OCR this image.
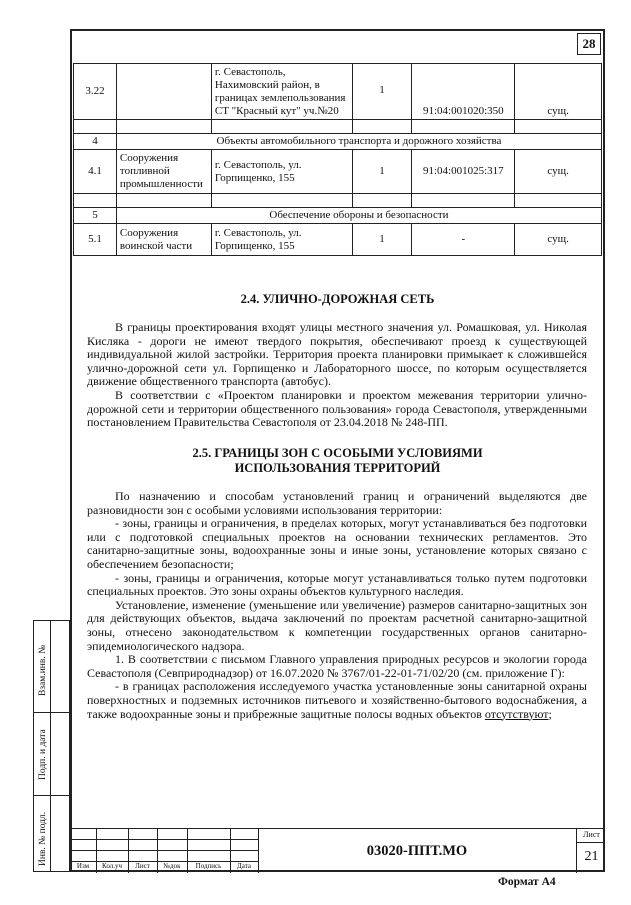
28
Взам.инв. №
Подп. и дата
Инв. № подл.
3.22		г. Севастополь, Нахимовский район, в границах землепользования СТ "Красный кут" уч.№20	1	91:04:001020:350	сущ.

4	Объекты автомобильного транспорта и дорожного хозяйства				
4.1	Сооружения топливной промышленности	г. Севастополь, ул. Горпищенко, 155	1	91:04:001025:317	сущ.

5	Обеспечение обороны и безопасности				
5.1	Сооружения воинской части	г. Севастополь, ул. Горпищенко, 155	1	-	сущ.
2.4. УЛИЧНО-ДОРОЖНАЯ СЕТЬ

В границы проектирования входят улицы местного значения ул. Ромашковая, ул. Николая Кисляка - дороги не имеют твердого покрытия, обеспечивают проезд к существующей индивидуальной жилой застройки. Территория проекта планировки примыкает к сложившейся улично-дорожной сети ул. Горпищенко и Лабораторного шоссе, по которым осуществляется движение общественного транспорта (автобус).

В соответствии с «Проектом планировки и проектом межевания территории улично-дорожной сети и территории общественного пользования» города Севастополя, утвержденными постановлением Правительства Севастополя от 23.04.2018 № 248-ПП.

2.5. ГРАНИЦЫ ЗОН С ОСОБЫМИ УСЛОВИЯМИ
ИСПОЛЬЗОВАНИЯ ТЕРРИТОРИЙ

По назначению и способам установлений границ и ограничений выделяются две разновидности зон с особыми условиями использования территории:

- зоны, границы и ограничения, в пределах которых, могут устанавливаться без подготовки или с подготовкой специальных проектов на основании технических регламентов. Это санитарно-защитные зоны, водоохранные зоны и иные зоны, установление которых связано с обеспечением безопасности;

- зоны, границы и ограничения, которые могут устанавливаться только путем подготовки специальных проектов. Это зоны охраны объектов культурного наследия.

Установление, изменение (уменьшение или увеличение) размеров санитарно-защитных зон для действующих объектов, выдача заключений по проектам расчетной санитарно-защитной зоны, отнесено законодательством к компетенции государственных органов санитарно-эпидемиологического надзора.

1. В соответствии с письмом Главного управления природных ресурсов и экологии города Севастополя (Севприроднадзор) от 16.07.2020 № 3767/01-22-01-71/02/20 (см. приложение Г):

- в границах расположения исследуемого участка установленные зоны санитарной охраны поверхностных и подземных источников питьевого и хозяйственно-бытового водоснабжения, а также водоохранные зоны и прибрежные защитные полосы водных объектов отсутствуют;

Изм	Кол.уч	Лист	№док	Подпись	Дата
03020-ППТ.МО
Лист
21
Формат А4
